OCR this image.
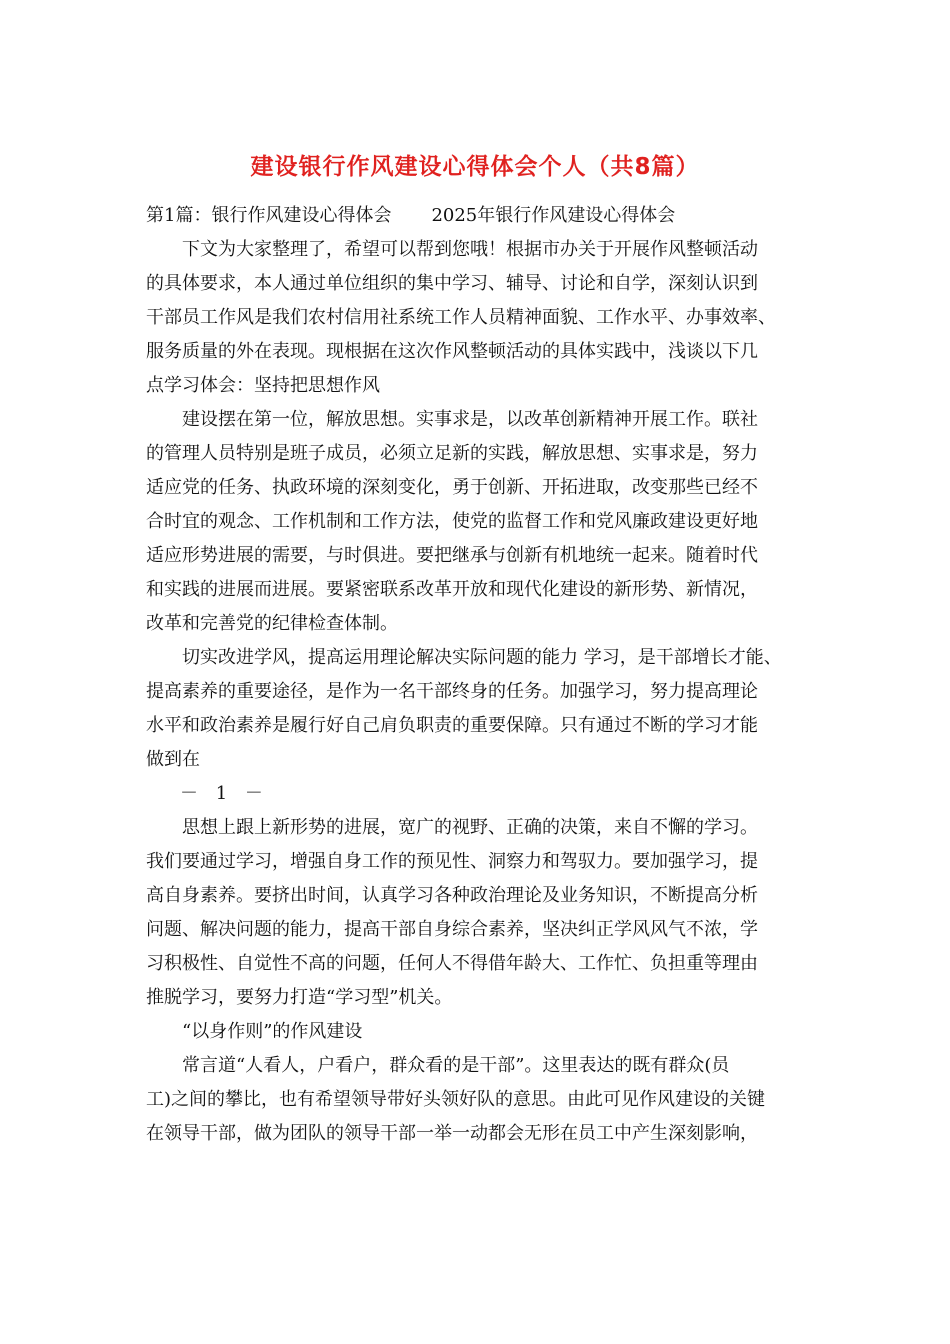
建设银行作风建设心得体会个人（共8篇）
第1篇：银行作风建设心得体会 2025年银行作风建设心得体会
下文为大家整理了，希望可以帮到您哦！根据市办关于开展作风整顿活动
的具体要求，本人通过单位组织的集中学习、辅导、讨论和自学，深刻认识到
干部员工作风是我们农村信用社系统工作人员精神面貌、工作水平、办事效率、
服务质量的外在表现。现根据在这次作风整顿活动的具体实践中，浅谈以下几
点学习体会：坚持把思想作风
建设摆在第一位，解放思想。实事求是，以改革创新精神开展工作。联社
的管理人员特别是班子成员，必须立足新的实践，解放思想、实事求是，努力
适应党的任务、执政环境的深刻变化，勇于创新、开拓进取，改变那些已经不
合时宜的观念、工作机制和工作方法，使党的监督工作和党风廉政建设更好地
适应形势进展的需要，与时俱进。要把继承与创新有机地统一起来。随着时代
和实践的进展而进展。要紧密联系改革开放和现代化建设的新形势、新情况，
改革和完善党的纪律检查体制。
切实改进学风，提高运用理论解决实际问题的能力 学习，是干部增长才能、
提高素养的重要途径，是作为一名干部终身的任务。加强学习，努力提高理论
水平和政治素养是履行好自己肩负职责的重要保障。只有通过不断的学习才能
做到在
－ 1 －
思想上跟上新形势的进展，宽广的视野、正确的决策，来自不懈的学习。
我们要通过学习，增强自身工作的预见性、洞察力和驾驭力。要加强学习，提
高自身素养。要挤出时间，认真学习各种政治理论及业务知识，不断提高分析
问题、解决问题的能力，提高干部自身综合素养，坚决纠正学风风气不浓，学
习积极性、自觉性不高的问题，任何人不得借年龄大、工作忙、负担重等理由
推脱学习，要努力打造“学习型”机关。
“以身作则”的作风建设
常言道“人看人，户看户，群众看的是干部”。这里表达的既有群众(员
工)之间的攀比，也有希望领导带好头领好队的意思。由此可见作风建设的关键
在领导干部，做为团队的领导干部一举一动都会无形在员工中产生深刻影响，
